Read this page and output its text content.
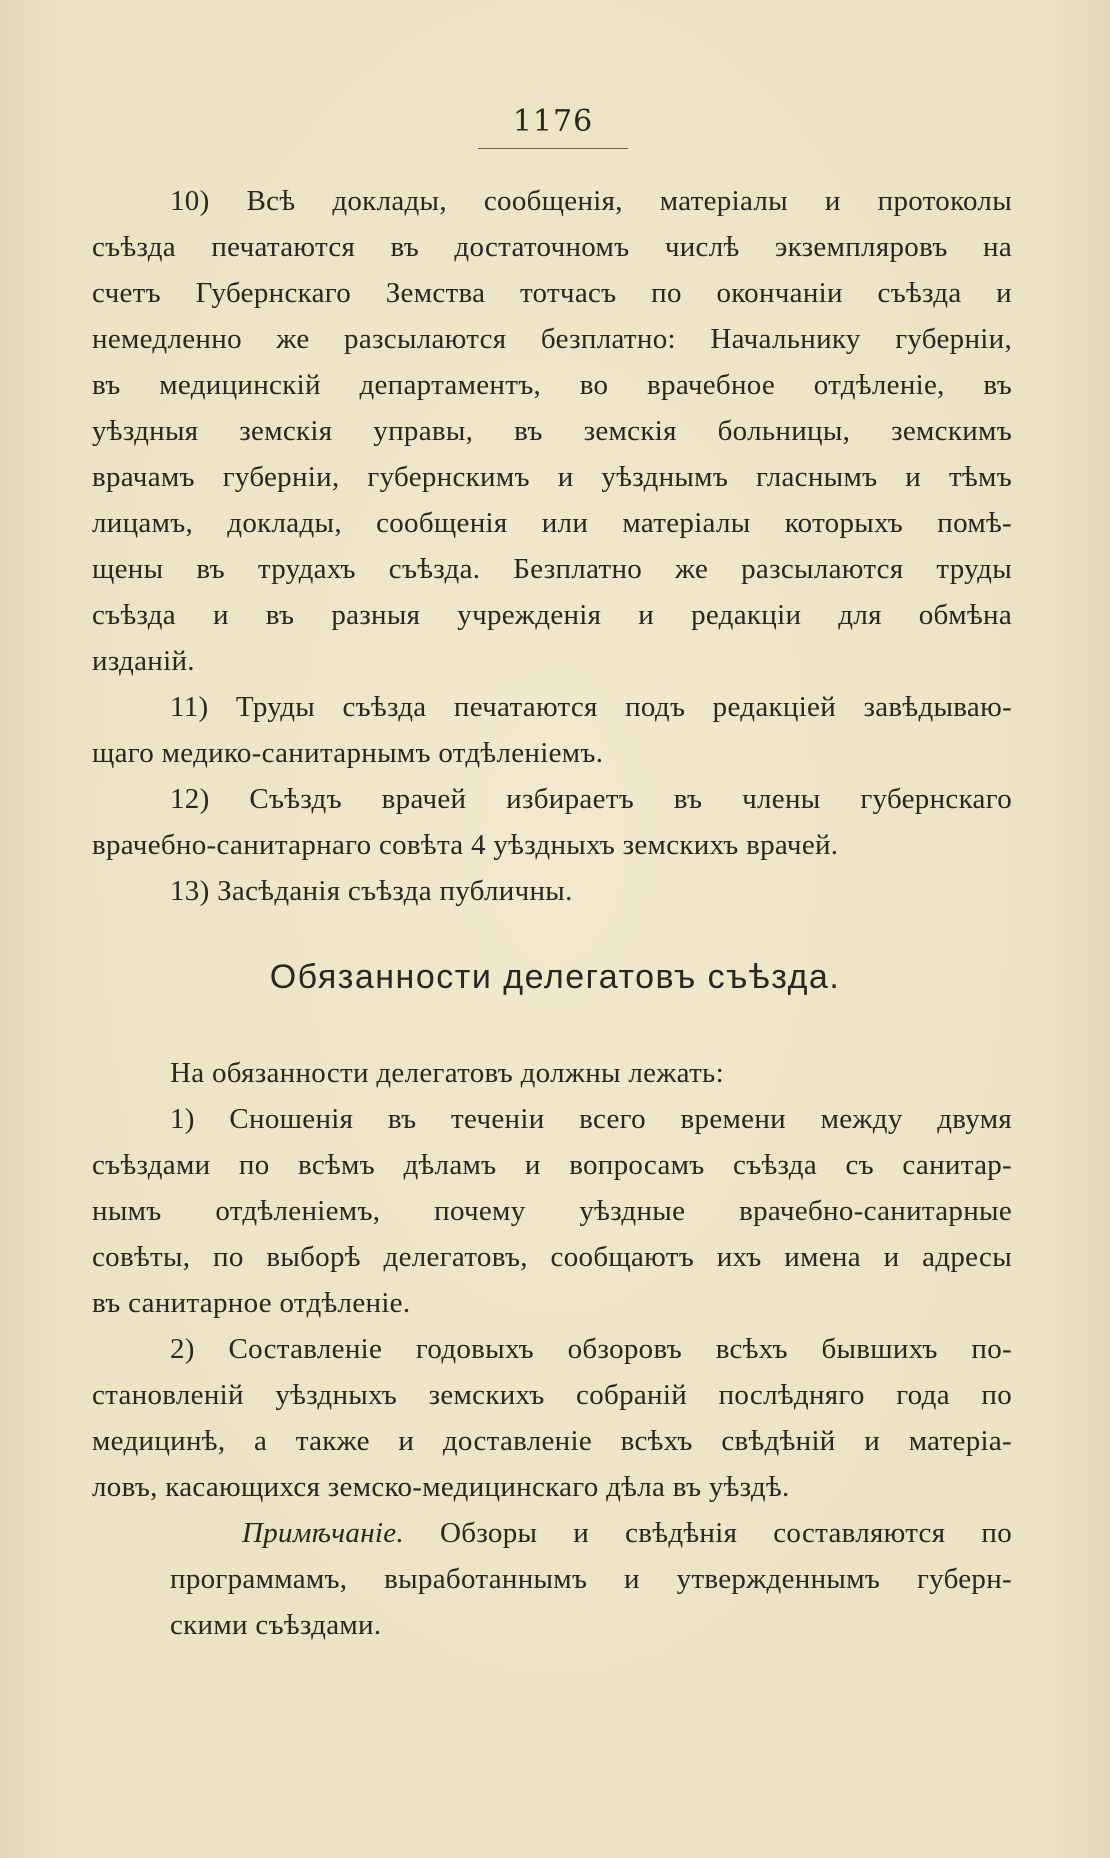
1176
10) Всѣ доклады, сообщенія, матеріалы и протоколы
съѣзда печатаются въ достаточномъ числѣ экземпляровъ на
счетъ Губернскаго Земства тотчасъ по окончаніи съѣзда и
немедленно же разсылаются безплатно: Начальнику губерніи,
въ медицинскій департаментъ, во врачебное отдѣленіе, въ
уѣздныя земскія управы, въ земскія больницы, земскимъ
врачамъ губерніи, губернскимъ и уѣзднымъ гласнымъ и тѣмъ
лицамъ, доклады, сообщенія или матеріалы которыхъ помѣ-
щены въ трудахъ съѣзда. Безплатно же разсылаются труды
съѣзда и въ разныя учрежденія и редакціи для обмѣна
изданій.
11) Труды съѣзда печатаются подъ редакціей завѣдываю-
щаго медико-санитарнымъ отдѣленіемъ.
12) Съѣздъ врачей избираетъ въ члены губернскаго
врачебно-санитарнаго совѣта 4 уѣздныхъ земскихъ врачей.
13) Засѣданія съѣзда публичны.
Обязанности делегатовъ съѣзда.
На обязанности делегатовъ должны лежать:
1) Сношенія въ теченіи всего времени между двумя
съѣздами по всѣмъ дѣламъ и вопросамъ съѣзда съ санитар-
нымъ отдѣленіемъ, почему уѣздные врачебно-санитарные
совѣты, по выборѣ делегатовъ, сообщаютъ ихъ имена и адресы
въ санитарное отдѣленіе.
2) Составленіе годовыхъ обзоровъ всѣхъ бывшихъ по-
становленій уѣздныхъ земскихъ собраній послѣдняго года по
медицинѣ, а также и доставленіе всѣхъ свѣдѣній и матеріа-
ловъ, касающихся земско-медицинскаго дѣла въ уѣздѣ.
Примѣчаніе. Обзоры и свѣдѣнія составляются по
программамъ, выработаннымъ и утвержденнымъ губерн-
скими съѣздами.
